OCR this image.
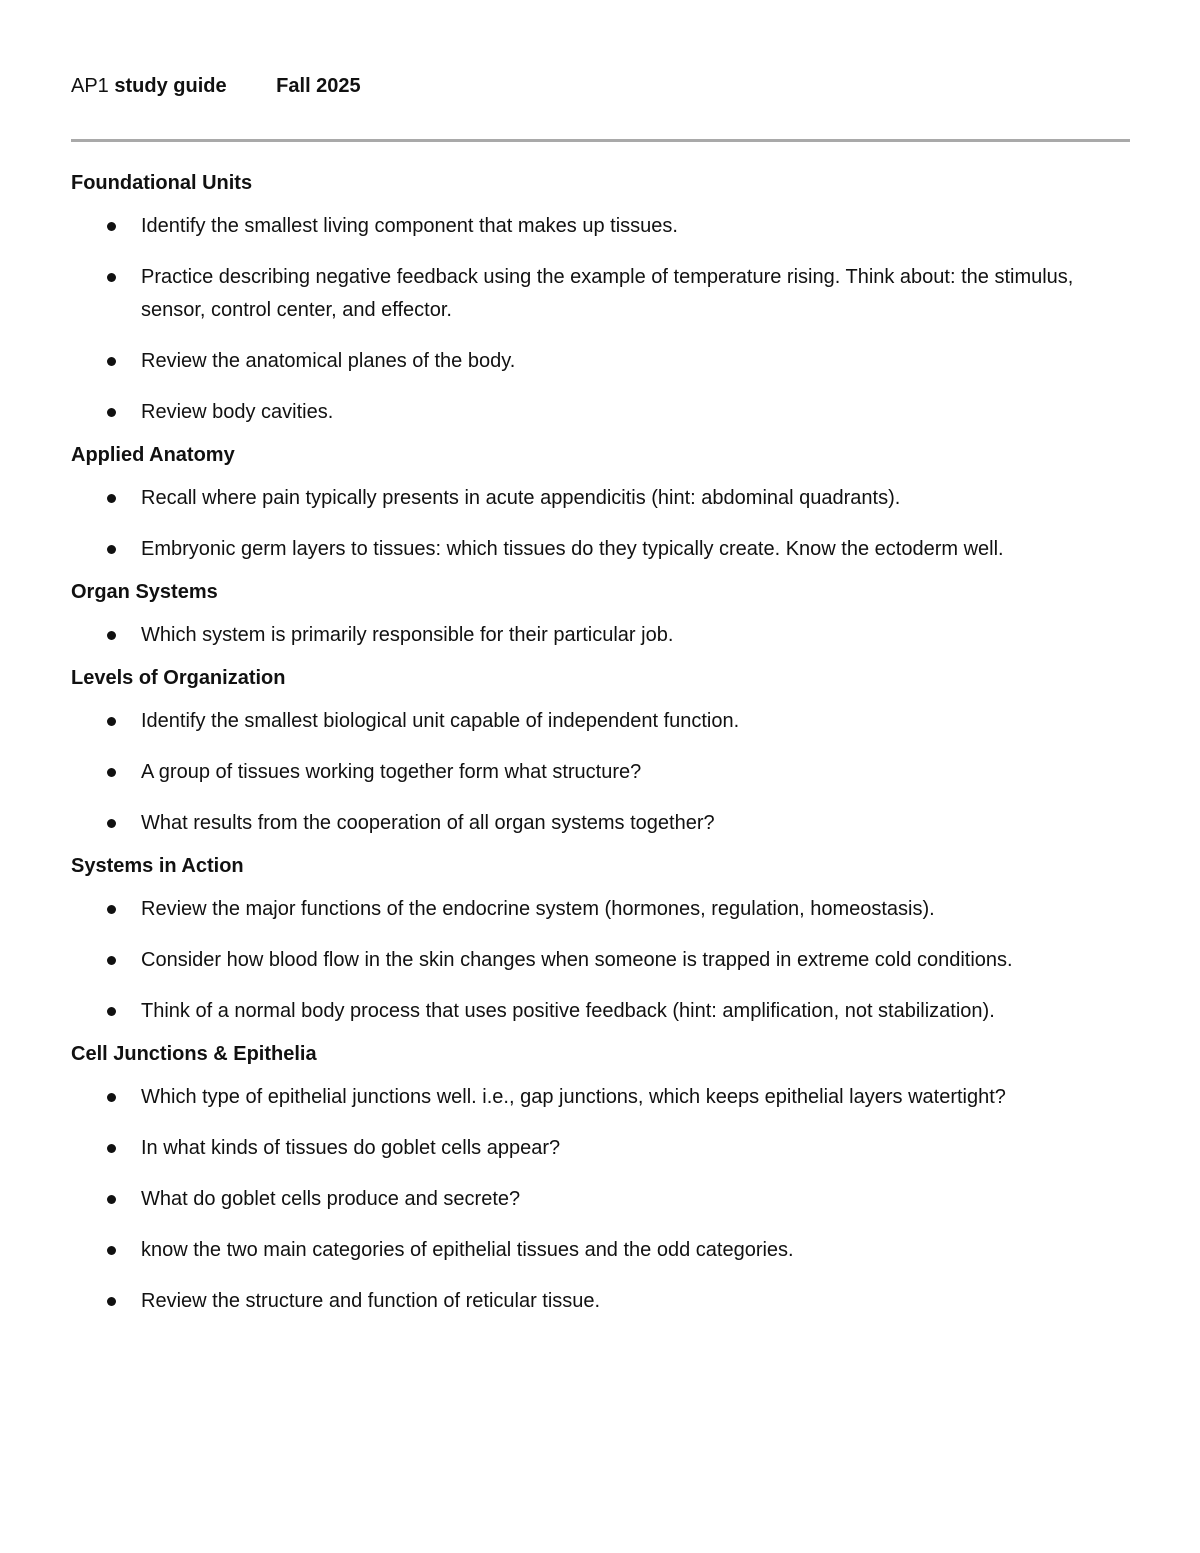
AP1 study guide Fall 2025
Foundational Units
Identify the smallest living component that makes up tissues.
Practice describing negative feedback using the example of temperature rising. Think about: the stimulus, sensor, control center, and effector.
Review the anatomical planes of the body.
Review body cavities.
Applied Anatomy
Recall where pain typically presents in acute appendicitis (hint: abdominal quadrants).
Embryonic germ layers to tissues: which tissues do they typically create. Know the ectoderm well.
Organ Systems
Which system is primarily responsible for their particular job.
Levels of Organization
Identify the smallest biological unit capable of independent function.
A group of tissues working together form what structure?
What results from the cooperation of all organ systems together?
Systems in Action
Review the major functions of the endocrine system (hormones, regulation, homeostasis).
Consider how blood flow in the skin changes when someone is trapped in extreme cold conditions.
Think of a normal body process that uses positive feedback (hint: amplification, not stabilization).
Cell Junctions & Epithelia
Which type of epithelial junctions well. i.e., gap junctions, which keeps epithelial layers watertight?
In what kinds of tissues do goblet cells appear?
What do goblet cells produce and secrete?
know the two main categories of epithelial tissues and the odd categories.
Review the structure and function of reticular tissue.
